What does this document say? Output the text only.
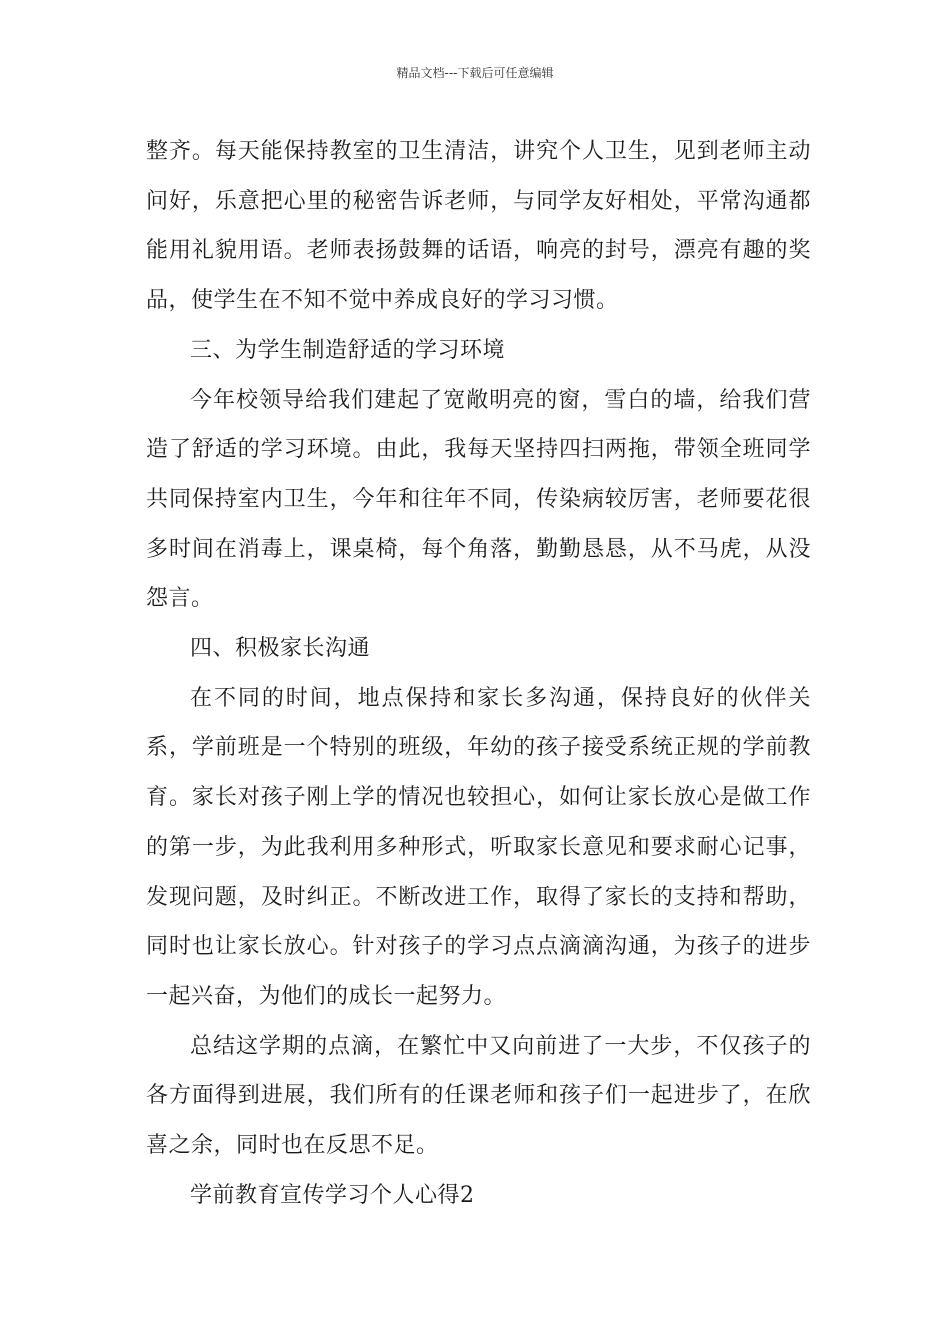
精品文档---下载后可任意编辑

整齐。每天能保持教室的卫生清洁，讲究个人卫生，见到老师主动问好，乐意把心里的秘密告诉老师，与同学友好相处，平常沟通都能用礼貌用语。老师表扬鼓舞的话语，响亮的封号，漂亮有趣的奖品，使学生在不知不觉中养成良好的学习习惯。

三、为学生制造舒适的学习环境

今年校领导给我们建起了宽敞明亮的窗，雪白的墙，给我们营造了舒适的学习环境。由此，我每天坚持四扫两拖，带领全班同学共同保持室内卫生，今年和往年不同，传染病较厉害，老师要花很多时间在消毒上，课桌椅，每个角落，勤勤恳恳，从不马虎，从没怨言。

四、积极家长沟通

在不同的时间，地点保持和家长多沟通，保持良好的伙伴关系，学前班是一个特别的班级，年幼的孩子接受系统正规的学前教育。家长对孩子刚上学的情况也较担心，如何让家长放心是做工作的第一步，为此我利用多种形式，听取家长意见和要求耐心记事，发现问题，及时纠正。不断改进工作，取得了家长的支持和帮助，同时也让家长放心。针对孩子的学习点点滴滴沟通，为孩子的进步一起兴奋，为他们的成长一起努力。

总结这学期的点滴，在繁忙中又向前进了一大步，不仅孩子的各方面得到进展，我们所有的任课老师和孩子们一起进步了，在欣喜之余，同时也在反思不足。

学前教育宣传学习个人心得2
